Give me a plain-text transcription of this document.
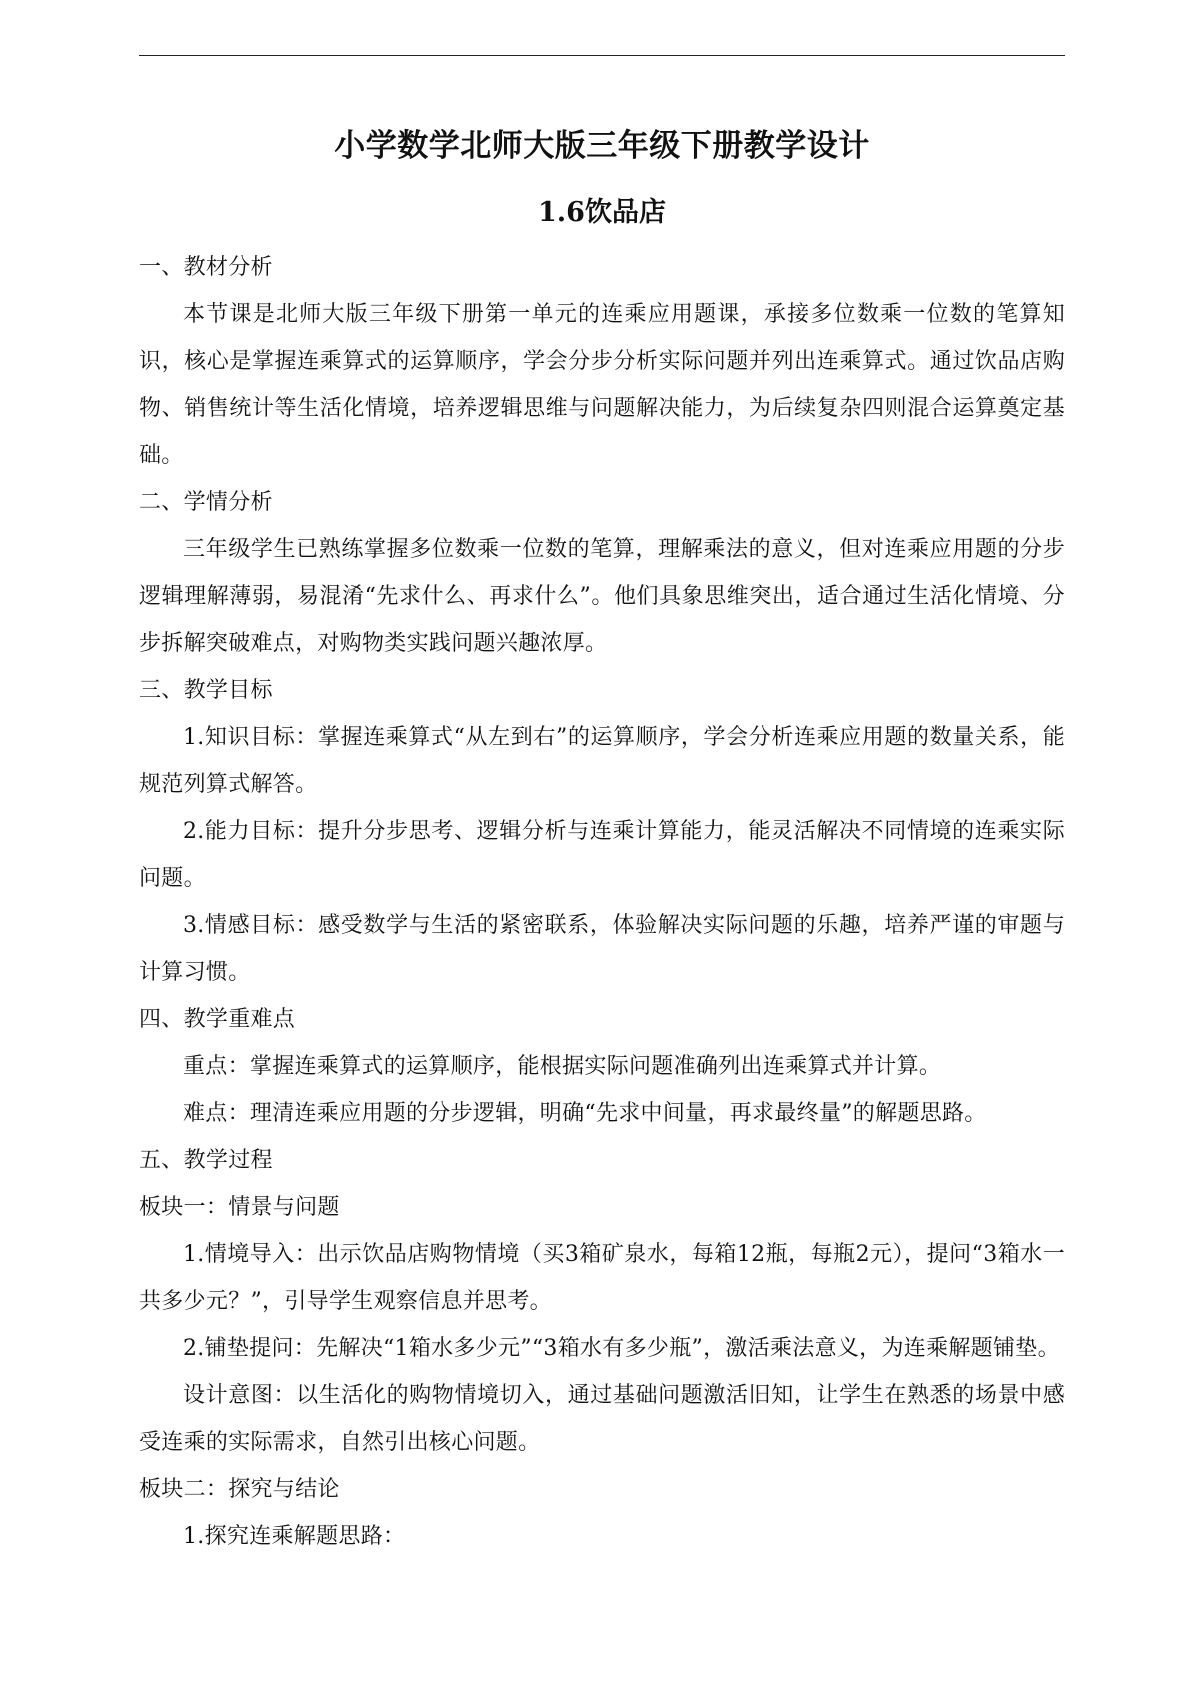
小学数学北师大版三年级下册教学设计
1.6饮品店

一、教材分析

本节课是北师大版三年级下册第一单元的连乘应用题课，承接多位数乘一位数的笔算知识，核心是掌握连乘算式的运算顺序，学会分步分析实际问题并列出连乘算式。通过饮品店购物、销售统计等生活化情境，培养逻辑思维与问题解决能力，为后续复杂四则混合运算奠定基础。

二、学情分析

三年级学生已熟练掌握多位数乘一位数的笔算，理解乘法的意义，但对连乘应用题的分步逻辑理解薄弱，易混淆“先求什么、再求什么”。他们具象思维突出，适合通过生活化情境、分步拆解突破难点，对购物类实践问题兴趣浓厚。

三、教学目标

1.知识目标：掌握连乘算式“从左到右”的运算顺序，学会分析连乘应用题的数量关系，能规范列算式解答。

2.能力目标：提升分步思考、逻辑分析与连乘计算能力，能灵活解决不同情境的连乘实际问题。

3.情感目标：感受数学与生活的紧密联系，体验解决实际问题的乐趣，培养严谨的审题与计算习惯。

四、教学重难点

重点：掌握连乘算式的运算顺序，能根据实际问题准确列出连乘算式并计算。

难点：理清连乘应用题的分步逻辑，明确“先求中间量，再求最终量”的解题思路。

五、教学过程

板块一：情景与问题

1.情境导入：出示饮品店购物情境（买3箱矿泉水，每箱12瓶，每瓶2元），提问“3箱水一共多少元？”，引导学生观察信息并思考。

2.铺垫提问：先解决“1箱水多少元”“3箱水有多少瓶”，激活乘法意义，为连乘解题铺垫。

设计意图：以生活化的购物情境切入，通过基础问题激活旧知，让学生在熟悉的场景中感受连乘的实际需求，自然引出核心问题。

板块二：探究与结论

1.探究连乘解题思路：
